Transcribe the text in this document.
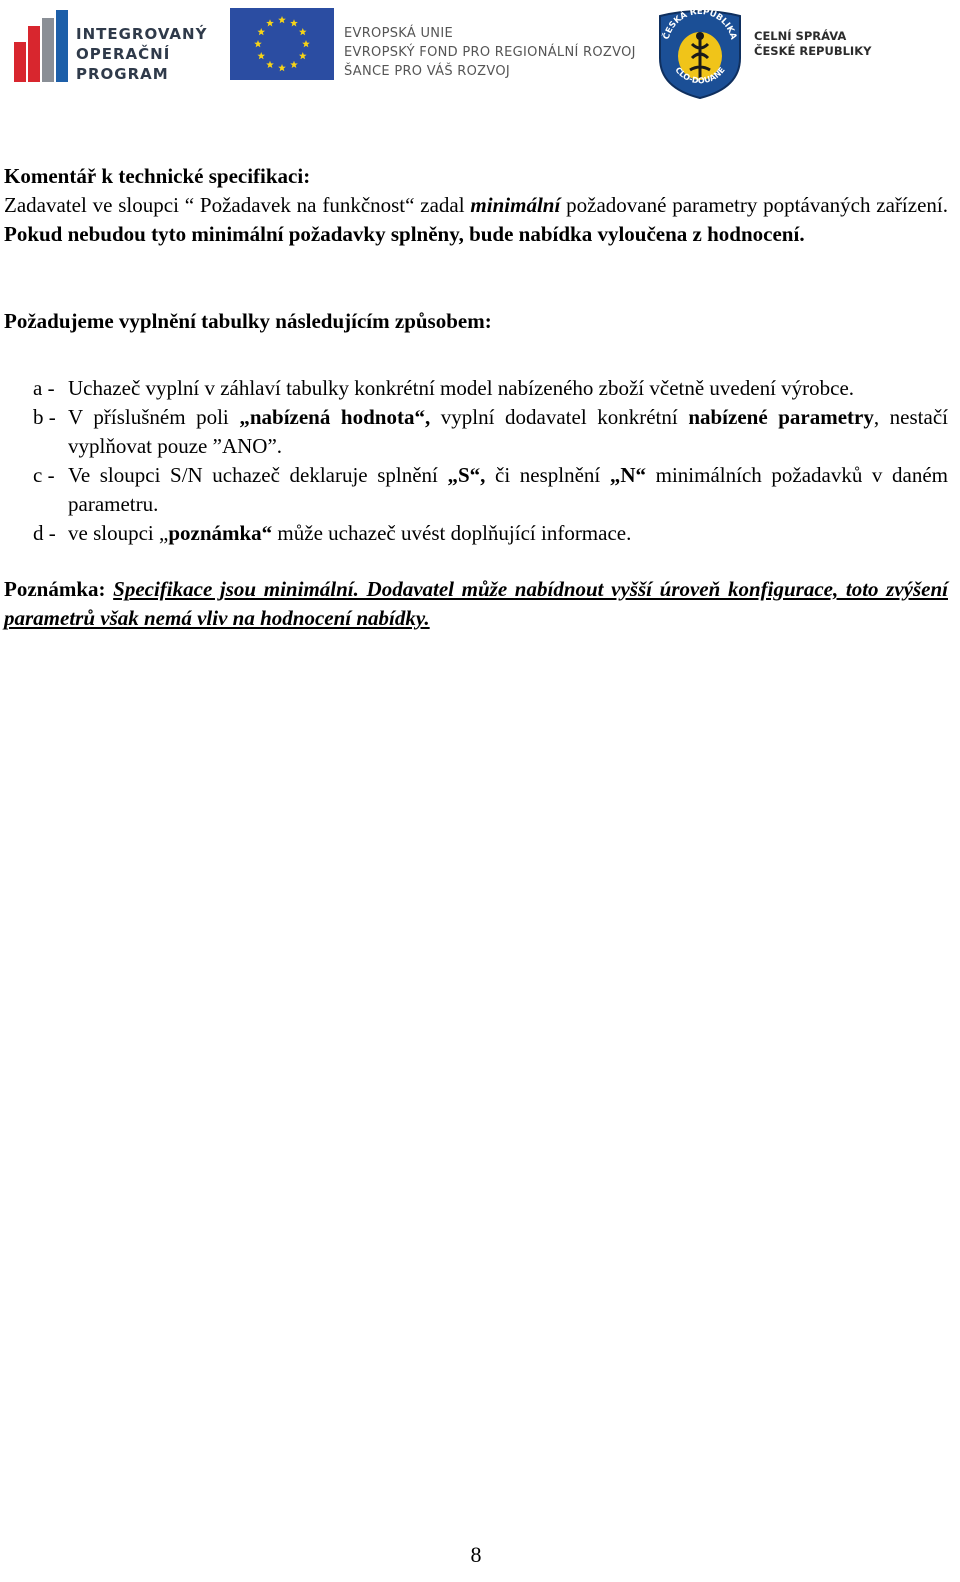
INTEGROVANÝ
OPERAČNÍ
PROGRAM
EVROPSKÁ UNIE
EVROPSKÝ FOND PRO REGIONÁLNÍ ROZVOJ
ŠANCE PRO VÁŠ ROZVOJ
ČESKÁ REPUBLIKA
CLO-DOUANE
CELNÍ SPRÁVA
ČESKÉ REPUBLIKY

Komentář k technické specifikaci:

Zadavatel ve sloupci “ Požadavek na funkčnost“ zadal minimální požadované parametry poptávaných zařízení. Pokud nebudou tyto minimální požadavky splněny, bude nabídka vyloučena z hodnocení.

Požadujeme vyplnění tabulky následujícím způsobem:

a - Uchazeč vyplní v záhlaví tabulky konkrétní model nabízeného zboží včetně uvedení výrobce.
b - V příslušném poli „nabízená hodnota“, vyplní dodavatel konkrétní nabízené parametry, nestačí vyplňovat pouze ”ANO”.
c - Ve sloupci S/N uchazeč deklaruje splnění „S“, či nesplnění „N“ minimálních požadavků v daném parametru.
d - ve sloupci „poznámka“ může uchazeč uvést doplňující informace.

Poznámka: Specifikace jsou minimální. Dodavatel může nabídnout vyšší úroveň konfigurace, toto zvýšení parametrů však nemá vliv na hodnocení nabídky.

8
